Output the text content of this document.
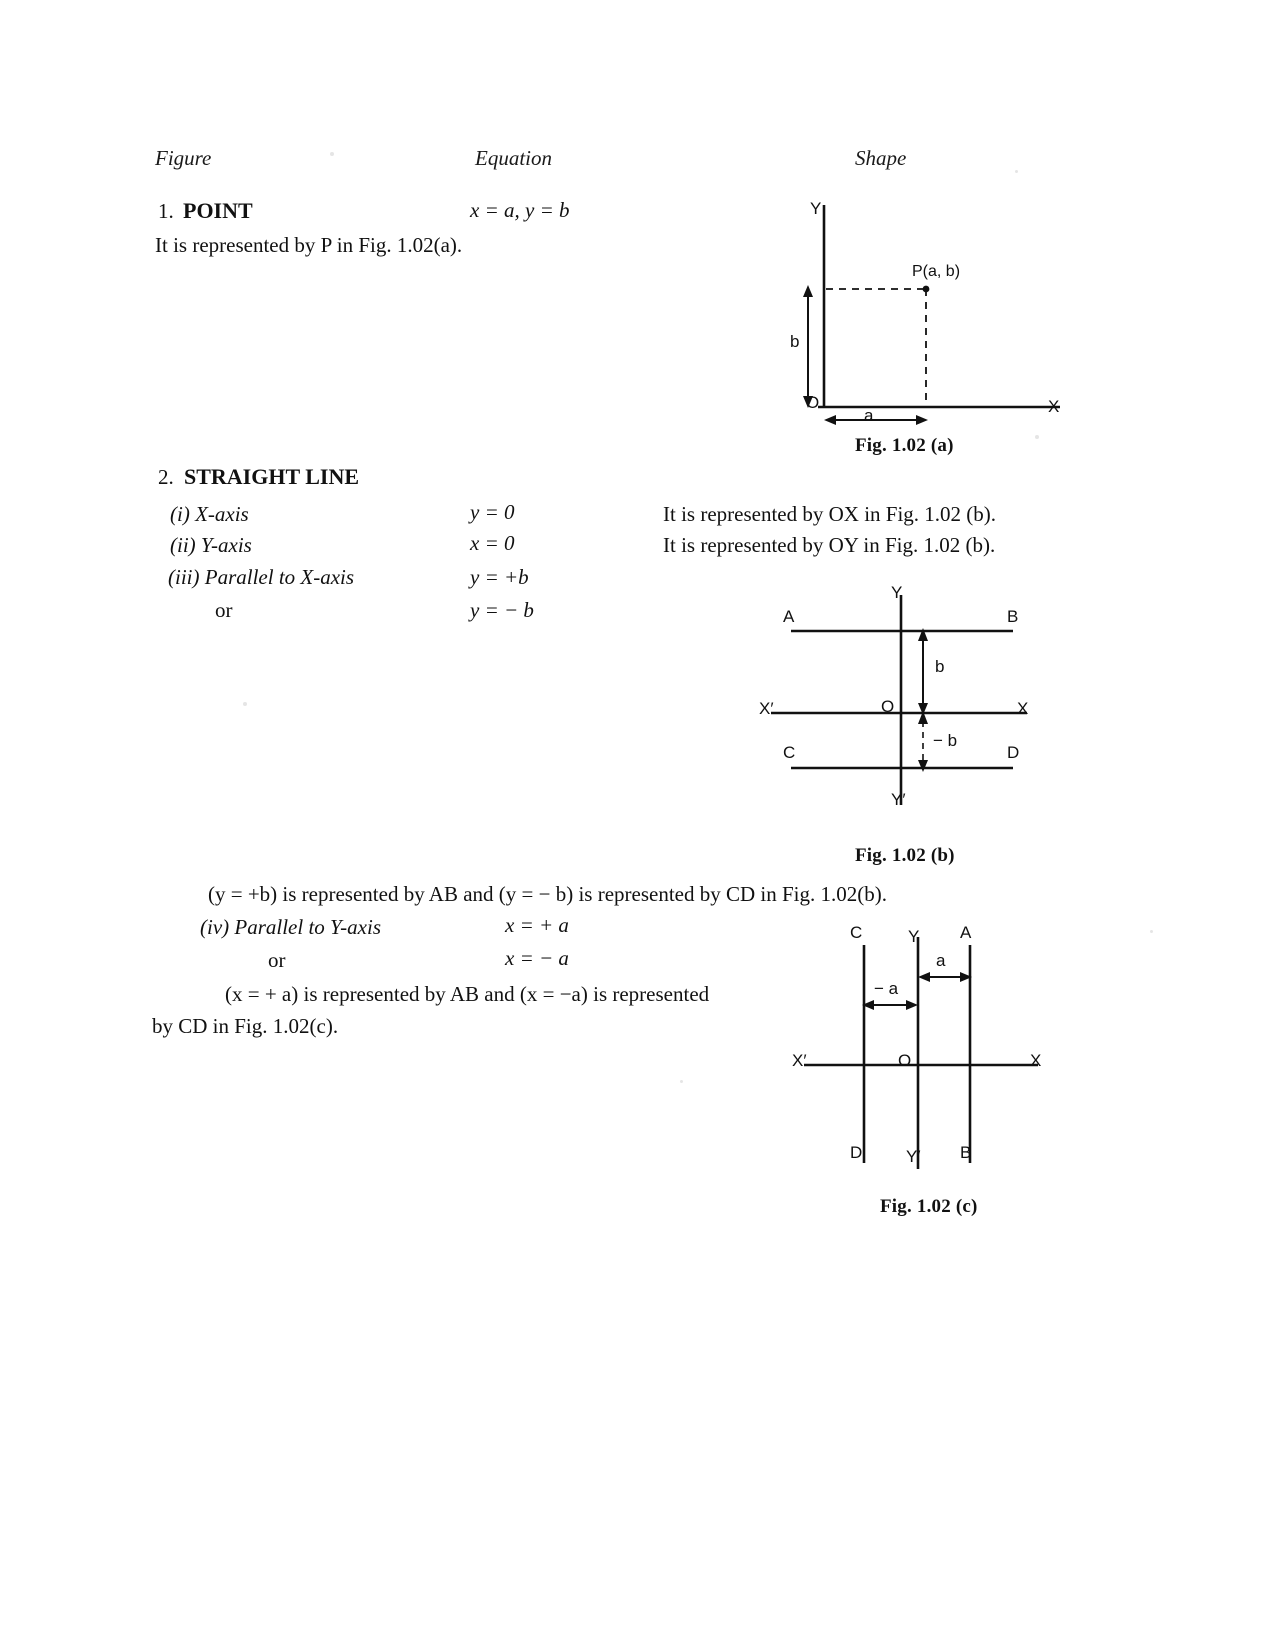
Figure	Equation	Shape
1. POINT	x = a, y = b
It is represented by P in Fig. 1.02(a).
Y
X
O
P(a, b)
b
a
Fig. 1.02 (a)
2. STRAIGHT LINE
(i) X-axis	y = 0	It is represented by OX in Fig. 1.02 (b).
(ii) Y-axis	x = 0	It is represented by OY in Fig. 1.02 (b).
(iii) Parallel to X-axis	y = +b
or	y = − b
Y
Y′
X
X′	O
A	B
C	D
b
− b
Fig. 1.02 (b)
(y = +b) is represented by AB and (y = − b) is represented by CD in Fig. 1.02(b).
(iv) Parallel to Y-axis	x = + a
or	x = − a
(x = + a) is represented by AB and (x = −a) is represented
by CD in Fig. 1.02(c).
Y
Y′
X
X′	O
C	A
D	B
a
− a
Fig. 1.02 (c)
